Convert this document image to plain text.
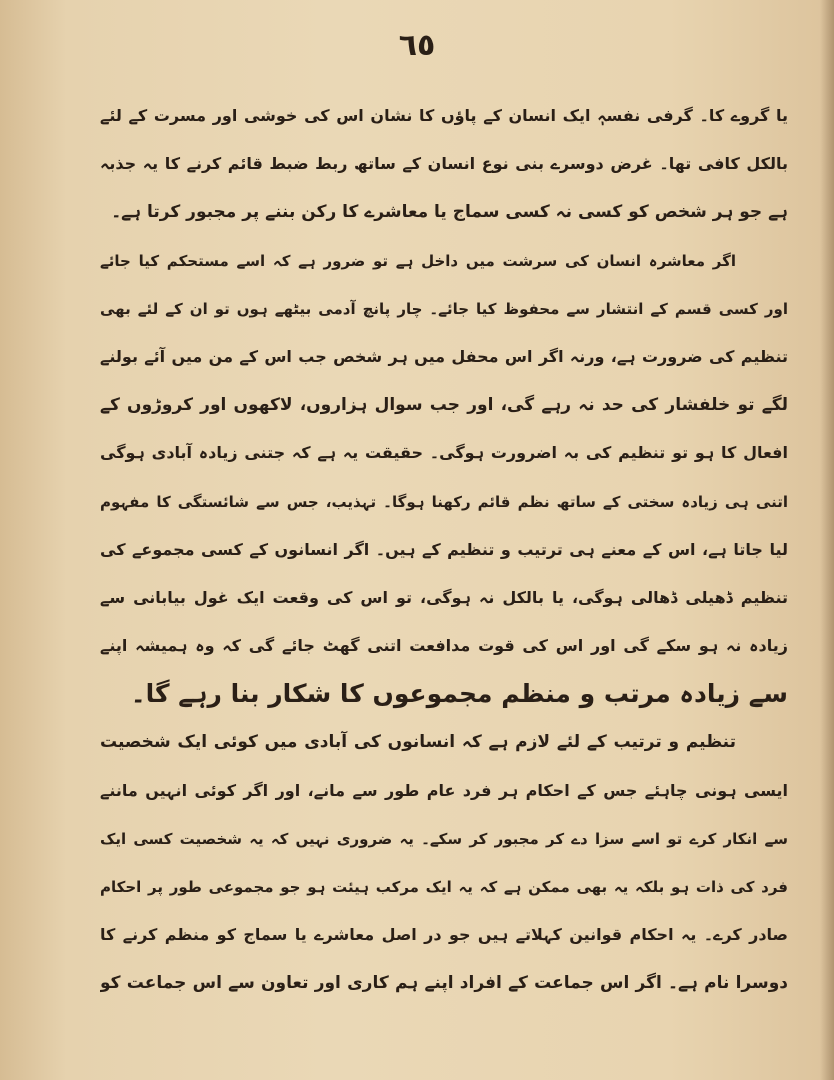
٦٥
یا گروے کا۔ گرفی نفسہٖ ایک انسان کے پاؤں کا نشان اس کی خوشی اور مسرت کے لئے
بالکل کافی تھا۔ غرض دوسرے بنی نوع انسان کے ساتھ ربط ضبط قائم کرنے کا یہ جذبہ
ہے جو ہر شخص کو کسی نہ کسی سماج یا معاشرے کا رکن بننے پر مجبور کرتا ہے۔
اگر معاشرہ انسان کی سرشت میں داخل ہے تو ضرور ہے کہ اسے مستحکم کیا جائے
اور کسی قسم کے انتشار سے محفوظ کیا جائے۔ چار پانچ آدمی بیٹھے ہوں تو ان کے لئے بھی
تنظیم کی ضرورت ہے، ورنہ اگر اس محفل میں ہر شخص جب اس کے من میں آئے بولنے
لگے تو خلفشار کی حد نہ رہے گی، اور جب سوال ہزاروں، لاکھوں اور کروڑوں کے
افعال کا ہو تو تنظیم کی بہ اضرورت ہوگی۔ حقیقت یہ ہے کہ جتنی زیادہ آبادی ہوگی
اتنی ہی زیادہ سختی کے ساتھ نظم قائم رکھنا ہوگا۔ تہذیب، جس سے شائستگی کا مفہوم
لیا جاتا ہے، اس کے معنے ہی ترتیب و تنظیم کے ہیں۔ اگر انسانوں کے کسی مجموعے کی
تنظیم ڈھیلی ڈھالی ہوگی، یا بالکل نہ ہوگی، تو اس کی وقعت ایک غول بیابانی سے
زیادہ نہ ہو سکے گی اور اس کی قوت مدافعت اتنی گھٹ جائے گی کہ وہ ہمیشہ اپنے
سے زیادہ مرتب و منظم مجموعوں کا شکار بنا رہے گا۔
تنظیم و ترتیب کے لئے لازم ہے کہ انسانوں کی آبادی میں کوئی ایک شخصیت
ایسی ہونی چاہئے جس کے احکام ہر فرد عام طور سے مانے، اور اگر کوئی انہیں ماننے
سے انکار کرے تو اسے سزا دے کر مجبور کر سکے۔ یہ ضروری نہیں کہ یہ شخصیت کسی ایک
فرد کی ذات ہو بلکہ یہ بھی ممکن ہے کہ یہ ایک مرکب ہیئت ہو جو مجموعی طور پر احکام
صادر کرے۔ یہ احکام قوانین کہلاتے ہیں جو در اصل معاشرے یا سماج کو منظم کرنے کا
دوسرا نام ہے۔ اگر اس جماعت کے افراد اپنے ہم کاری اور تعاون سے اس جماعت کو
